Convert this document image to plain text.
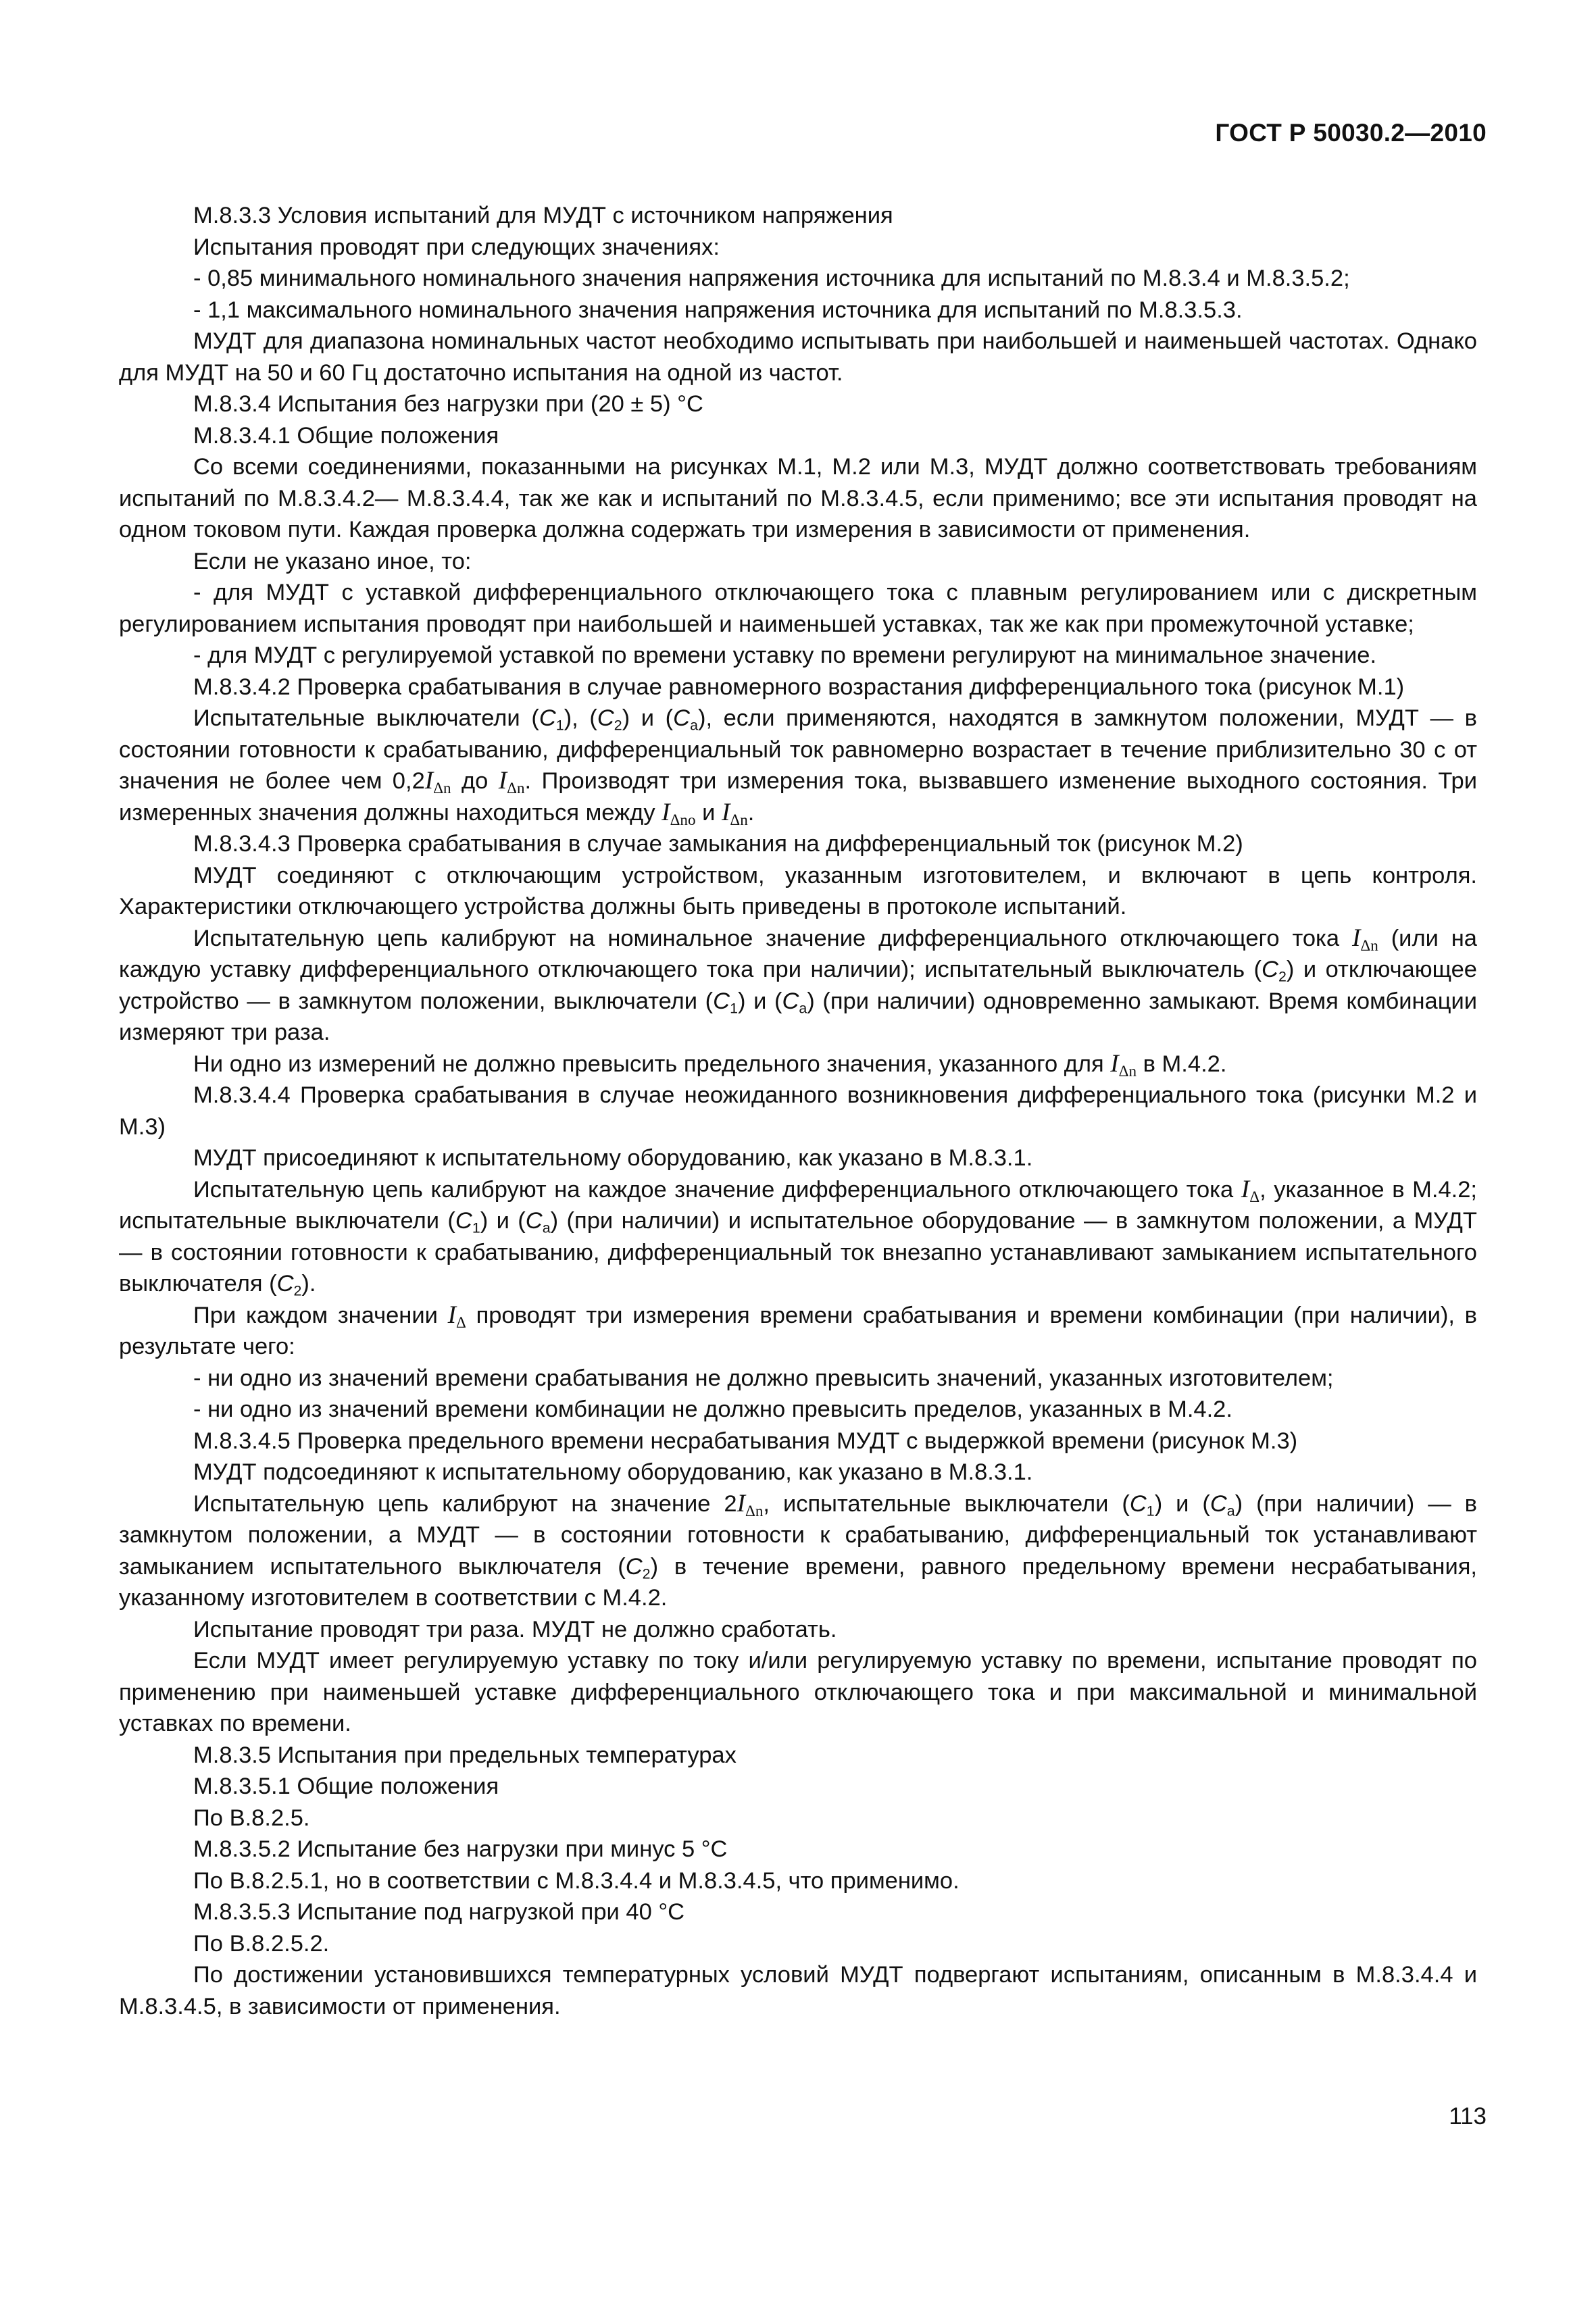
ГОСТ Р 50030.2—2010

М.8.3.3 Условия испытаний для МУДТ с источником напряжения

Испытания проводят при следующих значениях:

- 0,85 минимального номинального значения напряжения источника для испытаний по М.8.3.4 и М.8.3.5.2;

- 1,1 максимального номинального значения напряжения источника для испытаний по М.8.3.5.3.

МУДТ для диапазона номинальных частот необходимо испытывать при наибольшей и наименьшей частотах. Однако для МУДТ на 50 и 60 Гц достаточно испытания на одной из частот.

М.8.3.4 Испытания без нагрузки при (20 ± 5) °С

М.8.3.4.1 Общие положения

Со всеми соединениями, показанными на рисунках М.1, М.2 или М.3, МУДТ должно соответствовать требованиям испытаний по М.8.3.4.2— М.8.3.4.4, так же как и испытаний по М.8.3.4.5, если применимо; все эти испытания проводят на одном токовом пути. Каждая проверка должна содержать три измерения в зависимости от применения.

Если не указано иное, то:

- для МУДТ с уставкой дифференциального отключающего тока с плавным регулированием или с дискретным регулированием испытания проводят при наибольшей и наименьшей уставках, так же как при промежуточной уставке;

- для МУДТ с регулируемой уставкой по времени уставку по времени регулируют на минимальное значение.

М.8.3.4.2 Проверка срабатывания в случае равномерного возрастания дифференциального тока (рисунок М.1)

Испытательные выключатели $(C_1)$, $(C_2)$ и $(C_a)$, если применяются, находятся в замкнутом положении, МУДТ — в состоянии готовности к срабатыванию, дифференциальный ток равномерно возрастает в течение приблизительно 30 с от значения не более чем $0,2I_{\Delta n}$ до $I_{\Delta n}$. Производят три измерения тока, вызвавшего изменение выходного состояния. Три измеренных значения должны находиться между $I_{\Delta no}$ и $I_{\Delta n}$.

М.8.3.4.3 Проверка срабатывания в случае замыкания на дифференциальный ток (рисунок М.2)

МУДТ соединяют с отключающим устройством, указанным изготовителем, и включают в цепь контроля. Характеристики отключающего устройства должны быть приведены в протоколе испытаний.

Испытательную цепь калибруют на номинальное значение дифференциального отключающего тока $I_{\Delta n}$ (или на каждую уставку дифференциального отключающего тока при наличии); испытательный выключатель $(C_2)$ и отключающее устройство — в замкнутом положении, выключатели $(C_1)$ и $(C_a)$ (при наличии) одновременно замыкают. Время комбинации измеряют три раза.

Ни одно из измерений не должно превысить предельного значения, указанного для $I_{\Delta n}$ в М.4.2.

М.8.3.4.4 Проверка срабатывания в случае неожиданного возникновения дифференциального тока (рисунки М.2 и М.3)

МУДТ присоединяют к испытательному оборудованию, как указано в М.8.3.1.

Испытательную цепь калибруют на каждое значение дифференциального отключающего тока $I_\Delta$, указанное в М.4.2; испытательные выключатели $(C_1)$ и $(C_a)$ (при наличии) и испытательное оборудование — в замкнутом положении, а МУДТ — в состоянии готовности к срабатыванию, дифференциальный ток внезапно устанавливают замыканием испытательного выключателя $(C_2)$.

При каждом значении $I_\Delta$ проводят три измерения времени срабатывания и времени комбинации (при наличии), в результате чего:

- ни одно из значений времени срабатывания не должно превысить значений, указанных изготовителем;

- ни одно из значений времени комбинации не должно превысить пределов, указанных в М.4.2.

М.8.3.4.5 Проверка предельного времени несрабатывания МУДТ с выдержкой времени (рисунок М.3)

МУДТ подсоединяют к испытательному оборудованию, как указано в М.8.3.1.

Испытательную цепь калибруют на значение $2I_{\Delta n}$, испытательные выключатели $(C_1)$ и $(C_a)$ (при наличии) — в замкнутом положении, а МУДТ — в состоянии готовности к срабатыванию, дифференциальный ток устанавливают замыканием испытательного выключателя $(C_2)$ в течение времени, равного предельному времени несрабатывания, указанному изготовителем в соответствии с М.4.2.

Испытание проводят три раза. МУДТ не должно сработать.

Если МУДТ имеет регулируемую уставку по току и/или регулируемую уставку по времени, испытание проводят по применению при наименьшей уставке дифференциального отключающего тока и при максимальной и минимальной уставках по времени.

М.8.3.5 Испытания при предельных температурах

М.8.3.5.1 Общие положения

По В.8.2.5.

М.8.3.5.2 Испытание без нагрузки при минус 5 °С

По В.8.2.5.1, но в соответствии с М.8.3.4.4 и М.8.3.4.5, что применимо.

М.8.3.5.3 Испытание под нагрузкой при 40 °С

По В.8.2.5.2.

По достижении установившихся температурных условий МУДТ подвергают испытаниям, описанным в М.8.3.4.4 и М.8.3.4.5, в зависимости от применения.

113
